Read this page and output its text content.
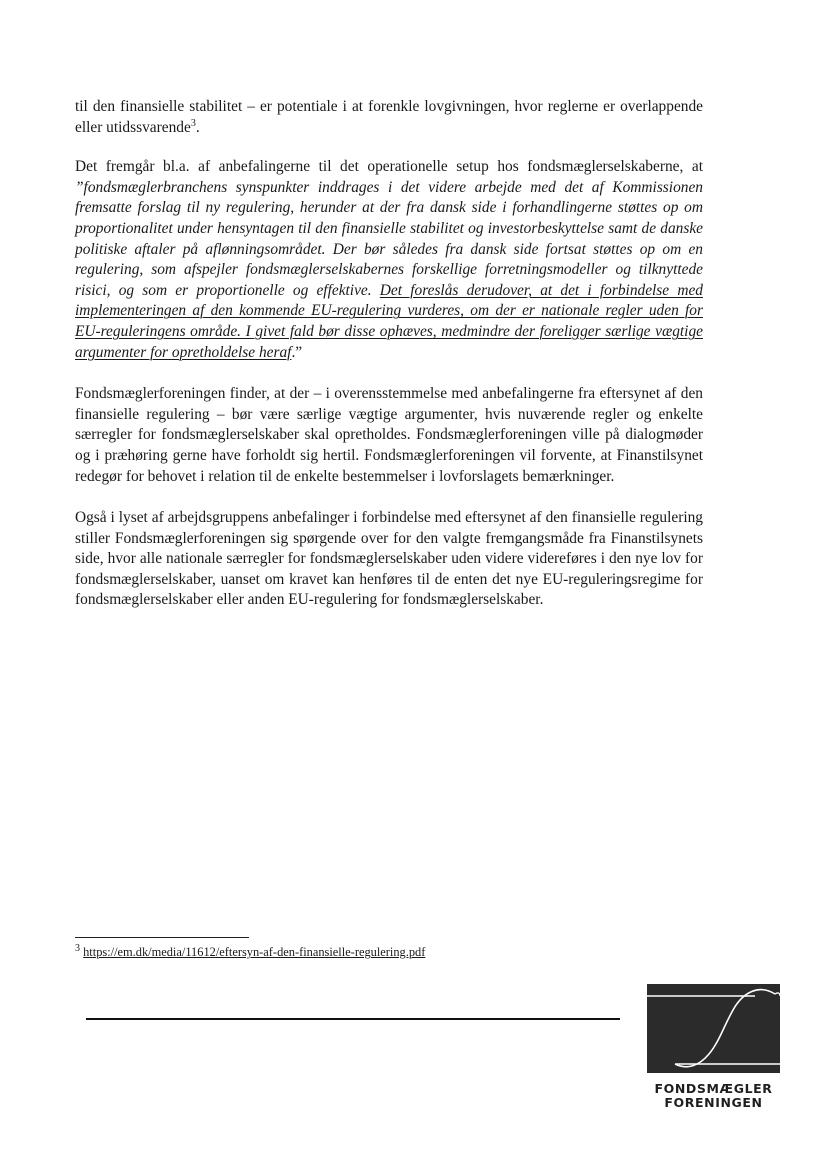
til den finansielle stabilitet – er potentiale i at forenkle lovgivningen, hvor reglerne er overlappende eller utidssvarende$^3$.

Det fremgår bl.a. af anbefalingerne til det operationelle setup hos fondsmæglerselskaberne, at ”fondsmæglerbranchens synspunkter inddrages i det videre arbejde med det af Kommissionen fremsatte forslag til ny regulering, herunder at der fra dansk side i forhandlingerne støttes op om proportionalitet under hensyntagen til den finansielle stabilitet og investorbeskyttelse samt de danske politiske aftaler på aflønningsområdet. Der bør således fra dansk side fortsat støttes op om en regulering, som afspejler fondsmæglerselskabernes forskellige forretningsmodeller og tilknyttede risici, og som er proportionelle og effektive. Det foreslås derudover, at det i forbindelse med implementeringen af den kommende EU-regulering vurderes, om der er nationale regler uden for EU-reguleringens område. I givet fald bør disse ophæves, medmindre der foreligger særlige vægtige argumenter for opretholdelse heraf.”

Fondsmæglerforeningen finder, at der – i overensstemmelse med anbefalingerne fra eftersynet af den finansielle regulering – bør være særlige vægtige argumenter, hvis nuværende regler og enkelte særregler for fondsmæglerselskaber skal opretholdes. Fondsmæglerforeningen ville på dialogmøder og i præhøring gerne have forholdt sig hertil. Fondsmæglerforeningen vil forvente, at Finanstilsynet redegør for behovet i relation til de enkelte bestemmelser i lovforslagets bemærkninger.

Også i lyset af arbejdsgruppens anbefalinger i forbindelse med eftersynet af den finansielle regulering stiller Fondsmæglerforeningen sig spørgende over for den valgte fremgangsmåde fra Finanstilsynets side, hvor alle nationale særregler for fondsmæglerselskaber uden videre videreføres i den nye lov for fondsmæglerselskaber, uanset om kravet kan henføres til de enten det nye EU-reguleringsregime for fondsmæglerselskaber eller anden EU-regulering for fondsmæglerselskaber.

$^3$ https://em.dk/media/11612/eftersyn-af-den-finansielle-regulering.pdf
FONDSMÆGLER
FORENINGEN
